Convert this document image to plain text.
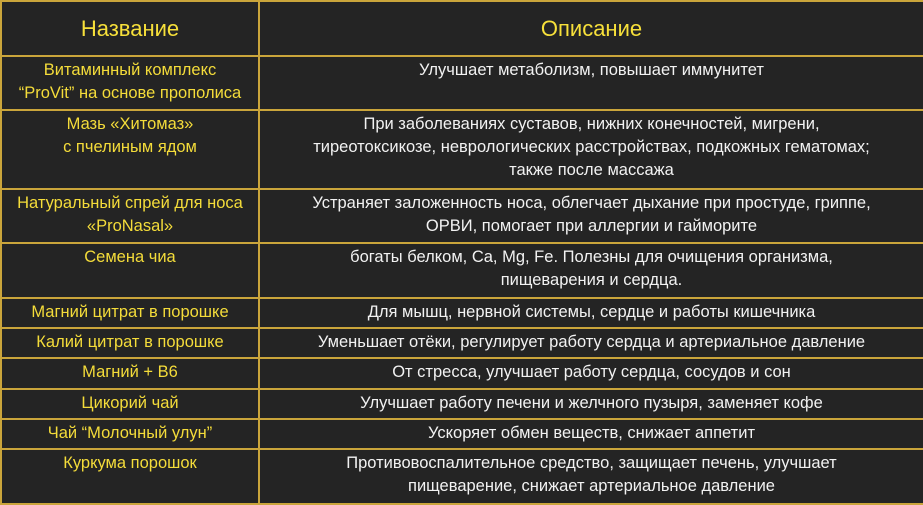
Название	Описание

Витаминный комплекс
“ProVit” на основе прополиса	Улучшает метаболизм, повышает иммунитет

Мазь «Хитомаз»
с пчелиным ядом	При заболеваниях суставов, нижних конечностей, мигрени,
тиреотоксикозе, неврологических расстройствах, подкожных гематомах;
также после массажа

Натуральный спрей для носа
«ProNasal»	Устраняет заложенность носа, облегчает дыхание при простуде, гриппе,
ОРВИ, помогает при аллергии и гайморите

Семена чиа	богаты белком, Ca, Mg, Fe. Полезны для очищения организма,
пищеварения и сердца.

Магний цитрат в порошке	Для мышц, нервной системы, сердце и работы кишечника

Калий цитрат в порошке	Уменьшает отёки, регулирует работу сердца и артериальное давление

Магний + B6	От стресса, улучшает работу сердца, сосудов и сон

Цикорий чай	Улучшает работу печени и желчного пузыря, заменяет кофе

Чай “Молочный улун”	Ускоряет обмен веществ, снижает аппетит

Куркума порошок	Противовоспалительное средство, защищает печень, улучшает
пищеварение, снижает артериальное давление
